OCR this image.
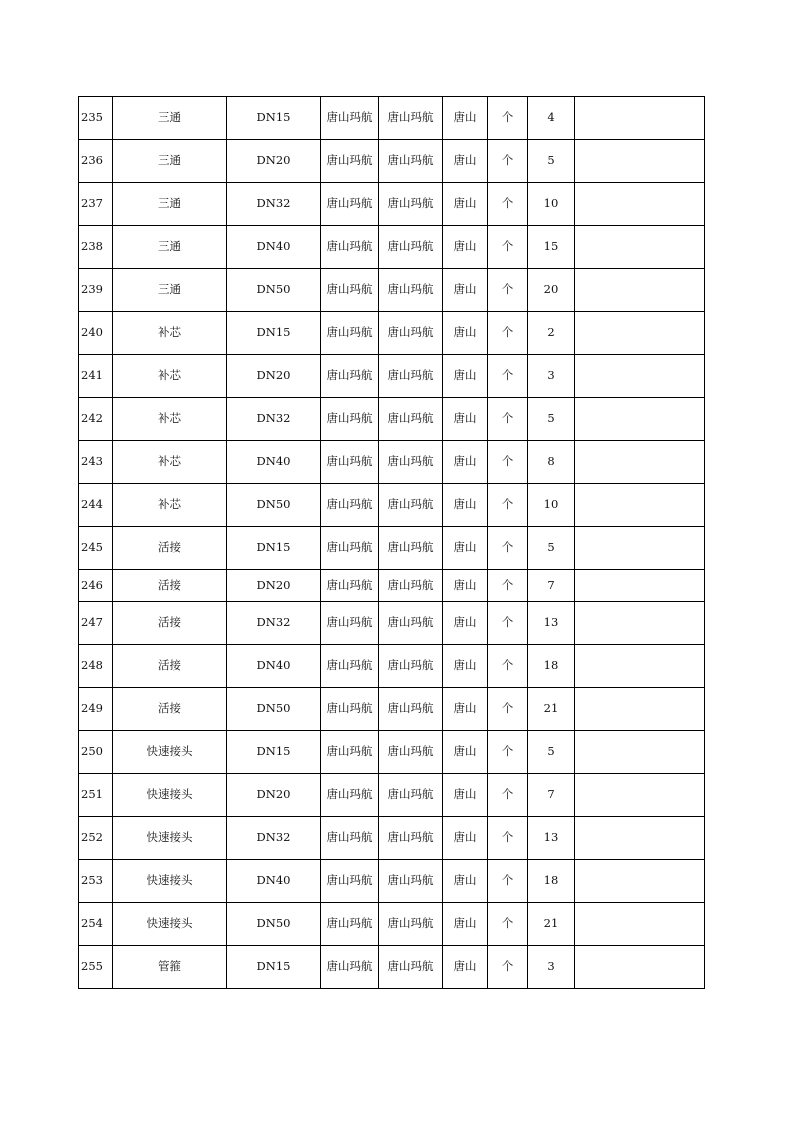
235	三通	DN15	唐山玛航	唐山玛航	唐山	个	4	
236	三通	DN20	唐山玛航	唐山玛航	唐山	个	5	
237	三通	DN32	唐山玛航	唐山玛航	唐山	个	10	
238	三通	DN40	唐山玛航	唐山玛航	唐山	个	15	
239	三通	DN50	唐山玛航	唐山玛航	唐山	个	20	
240	补芯	DN15	唐山玛航	唐山玛航	唐山	个	2	
241	补芯	DN20	唐山玛航	唐山玛航	唐山	个	3	
242	补芯	DN32	唐山玛航	唐山玛航	唐山	个	5	
243	补芯	DN40	唐山玛航	唐山玛航	唐山	个	8	
244	补芯	DN50	唐山玛航	唐山玛航	唐山	个	10	
245	活接	DN15	唐山玛航	唐山玛航	唐山	个	5	
246	活接	DN20	唐山玛航	唐山玛航	唐山	个	7	
247	活接	DN32	唐山玛航	唐山玛航	唐山	个	13	
248	活接	DN40	唐山玛航	唐山玛航	唐山	个	18	
249	活接	DN50	唐山玛航	唐山玛航	唐山	个	21	
250	快速接头	DN15	唐山玛航	唐山玛航	唐山	个	5	
251	快速接头	DN20	唐山玛航	唐山玛航	唐山	个	7	
252	快速接头	DN32	唐山玛航	唐山玛航	唐山	个	13	
253	快速接头	DN40	唐山玛航	唐山玛航	唐山	个	18	
254	快速接头	DN50	唐山玛航	唐山玛航	唐山	个	21	
255	管箍	DN15	唐山玛航	唐山玛航	唐山	个	3	
